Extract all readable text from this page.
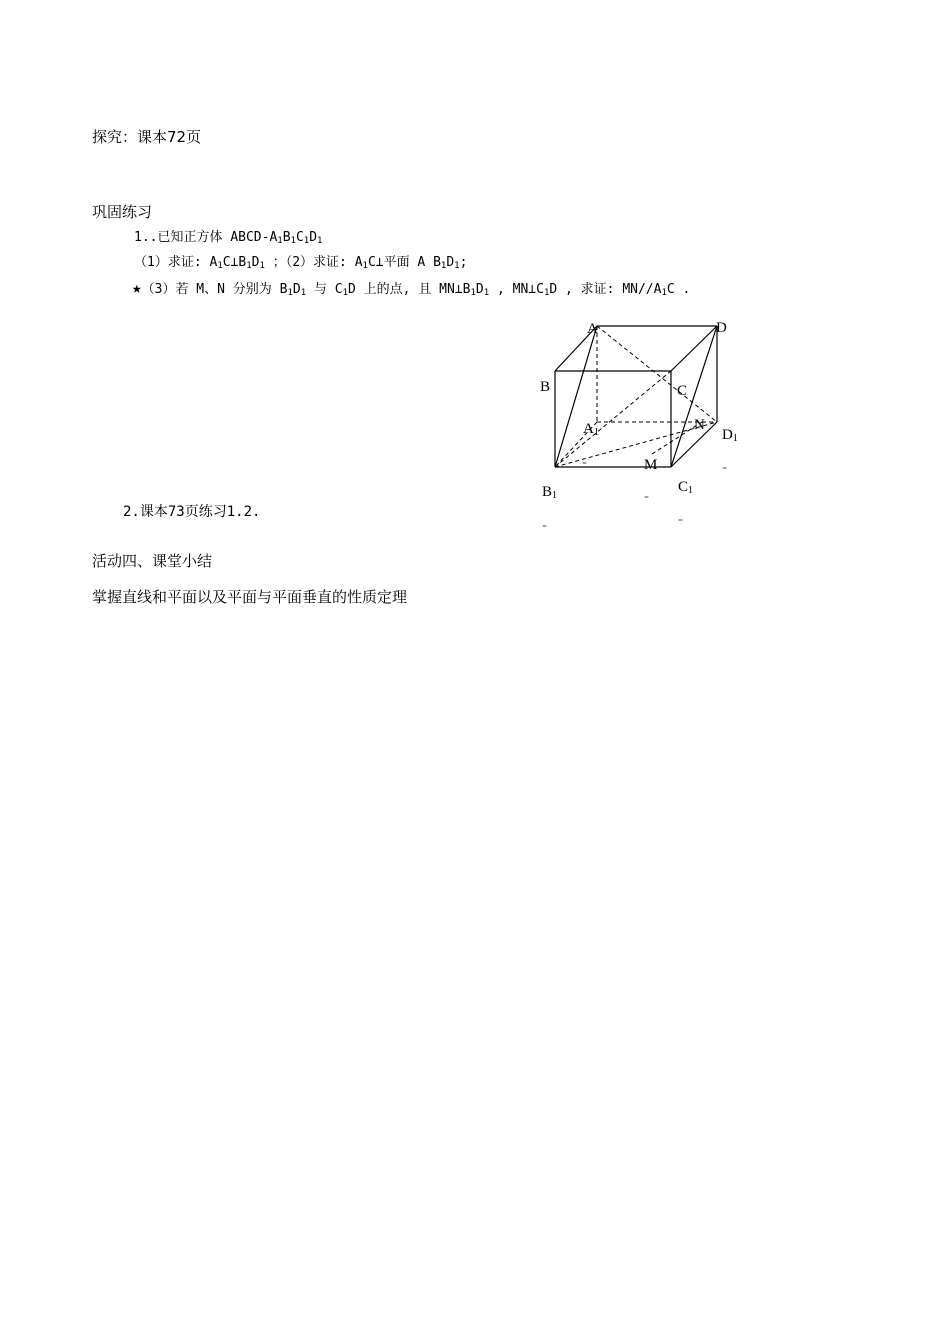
探究：课本72页
巩固练习
1..已知正方体 ABCD-$A_1B_1C_1D_1$
（1）求证: $A_1C\perp B_1D_1$ ；（2）求证: $A_1C\perp$平面 A $B_1D_1$;
★（3）若 M、N 分别为 $B_1D_1$ 与 $C_1D$ 上的点, 且 $MN\perp B_1D_1$ , $MN\perp C_1D$ , 求证: $MN//A_1C$ .
2.课本73页练习1.2.
活动四、课堂小结
掌握直线和平面以及平面与平面垂直的性质定理
A	D
B	C
$A_1$	N
$D_1$
M
$C_1$
$B_1$
=
=
=
=
=
